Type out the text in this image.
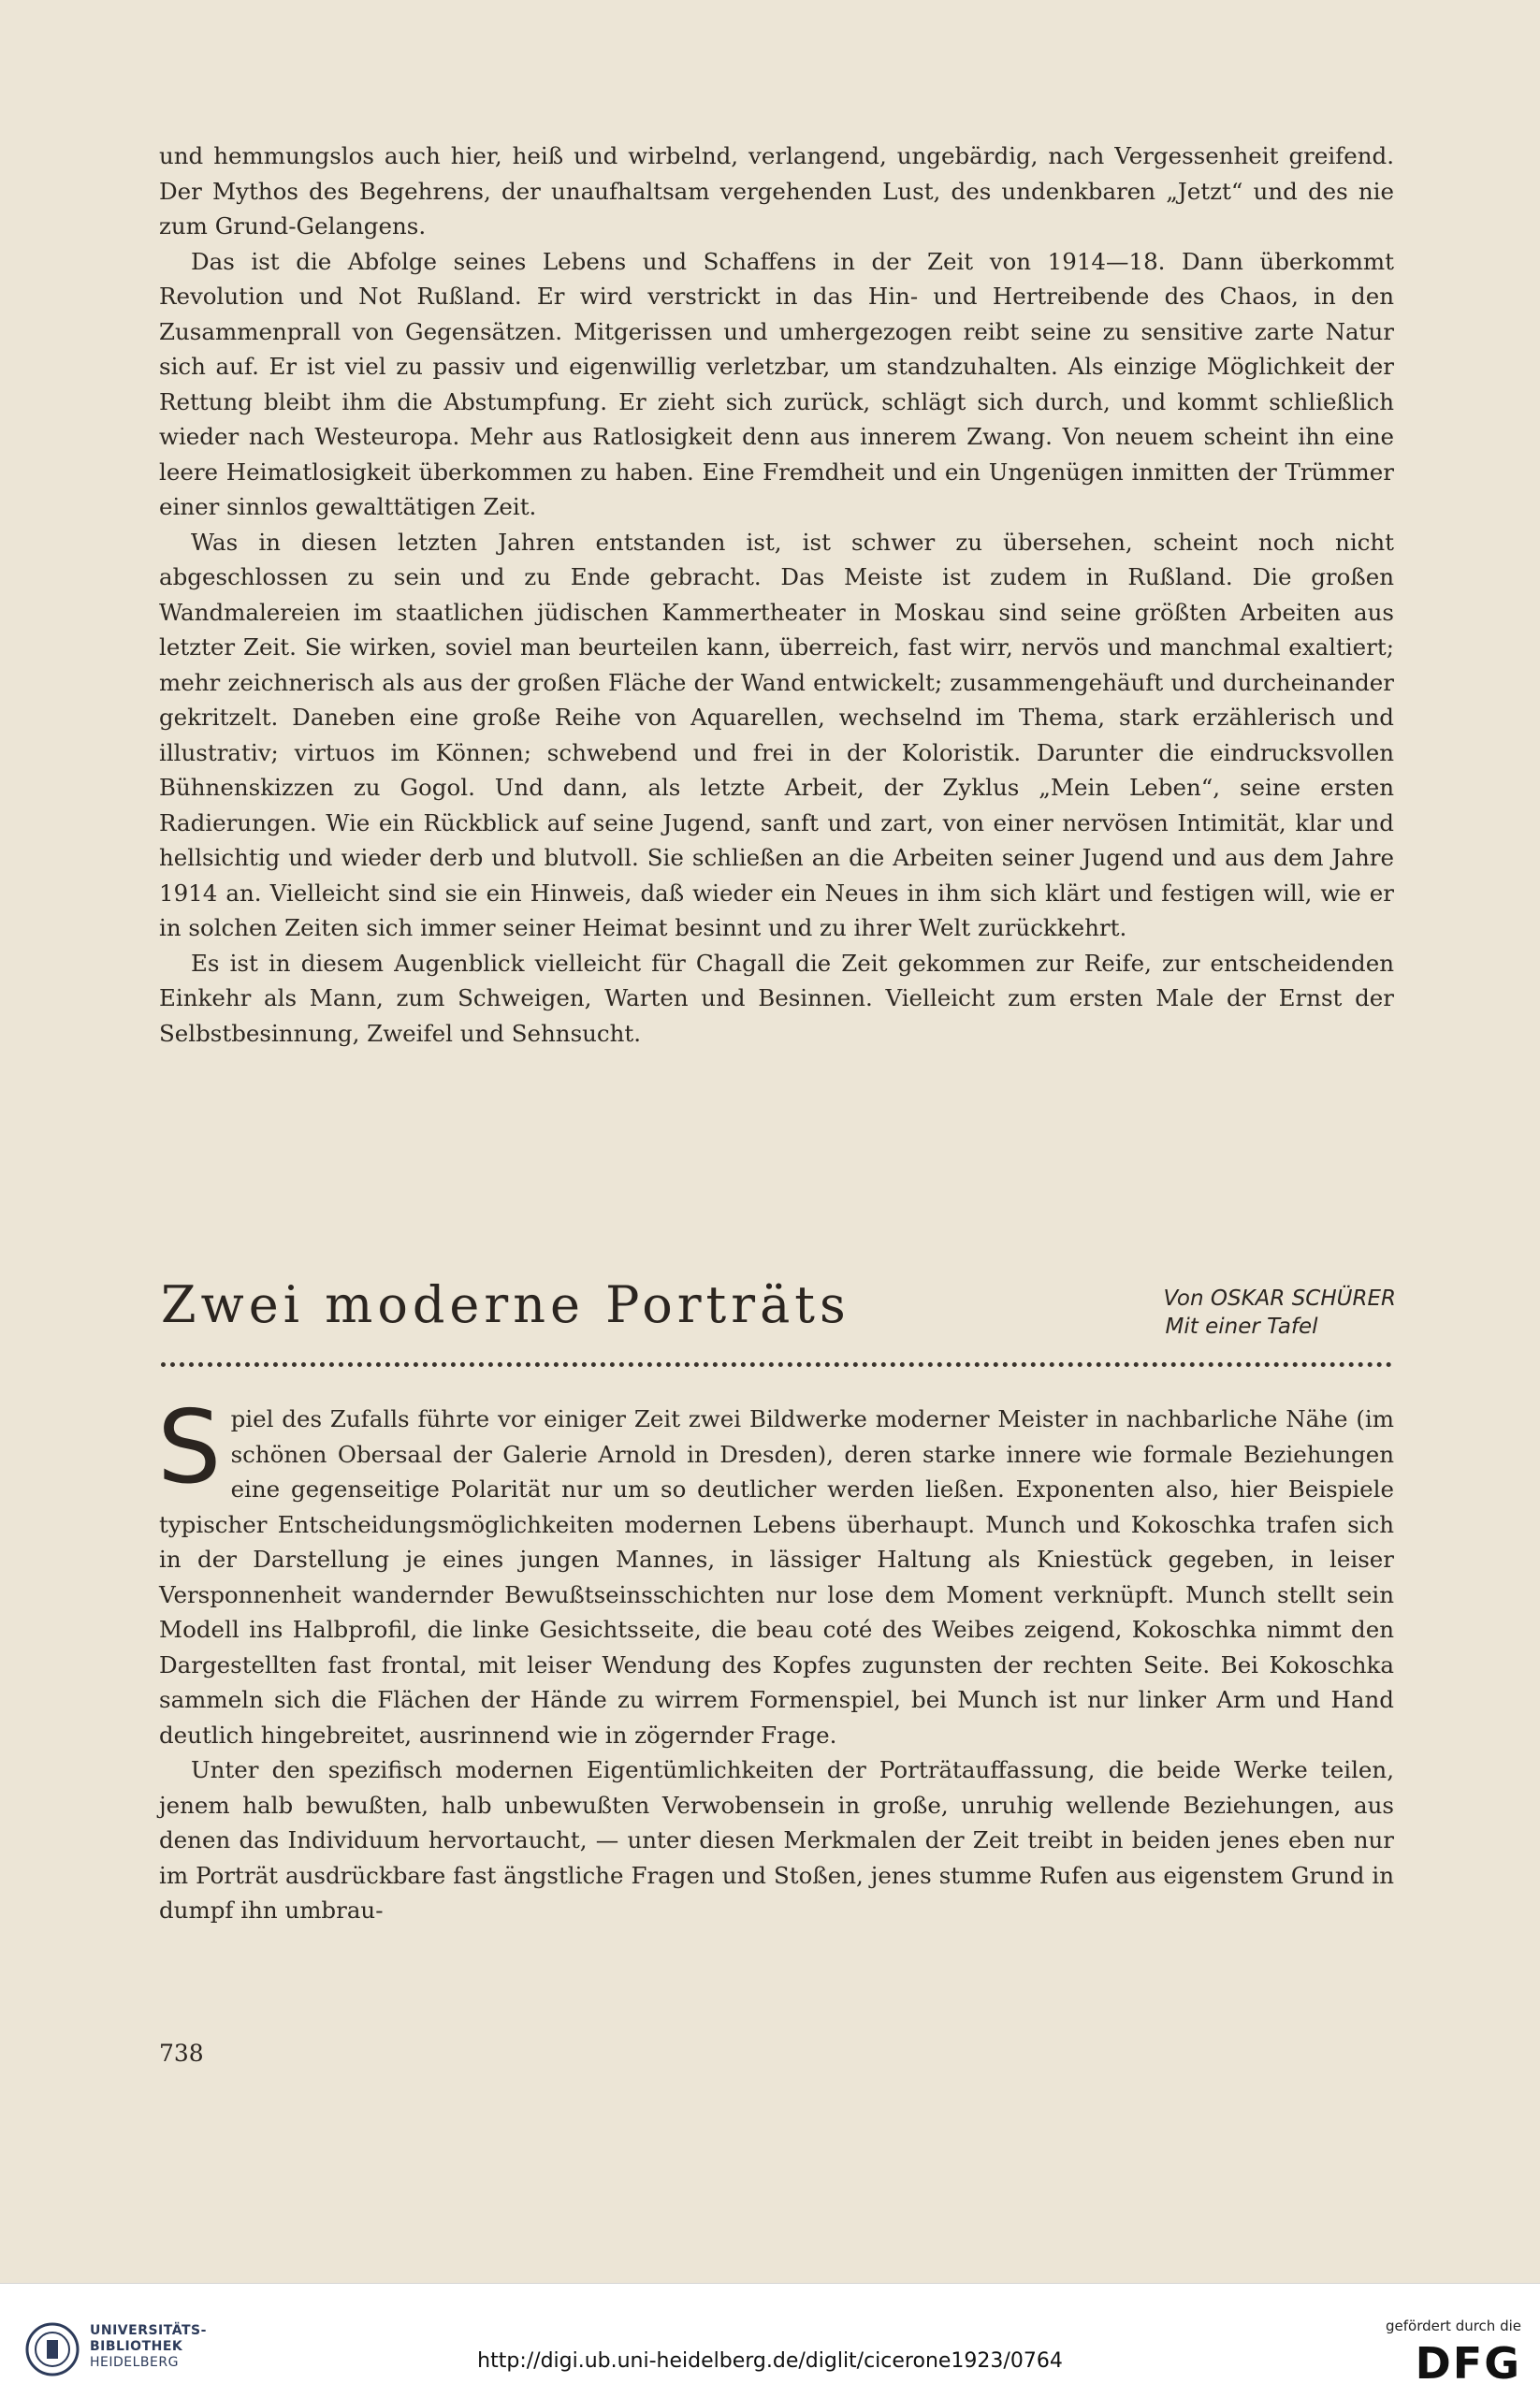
und hemmungslos auch hier, heiß und wirbelnd, verlangend, ungebärdig, nach Vergessenheit greifend. Der Mythos des Begehrens, der unaufhaltsam vergehenden Lust, des undenkbaren „Jetzt“ und des nie zum Grund-Gelangens.

Das ist die Abfolge seines Lebens und Schaffens in der Zeit von 1914—18. Dann überkommt Revolution und Not Rußland. Er wird verstrickt in das Hin- und Hertreibende des Chaos, in den Zusammenprall von Gegensätzen. Mitgerissen und umhergezogen reibt seine zu sensitive zarte Natur sich auf. Er ist viel zu passiv und eigenwillig verletzbar, um standzuhalten. Als einzige Möglichkeit der Rettung bleibt ihm die Abstumpfung. Er zieht sich zurück, schlägt sich durch, und kommt schließlich wieder nach Westeuropa. Mehr aus Ratlosigkeit denn aus innerem Zwang. Von neuem scheint ihn eine leere Heimatlosigkeit überkommen zu haben. Eine Fremdheit und ein Ungenügen inmitten der Trümmer einer sinnlos gewalttätigen Zeit.

Was in diesen letzten Jahren entstanden ist, ist schwer zu übersehen, scheint noch nicht abgeschlossen zu sein und zu Ende gebracht. Das Meiste ist zudem in Rußland. Die großen Wandmalereien im staatlichen jüdischen Kammertheater in Moskau sind seine größten Arbeiten aus letzter Zeit. Sie wirken, soviel man beurteilen kann, überreich, fast wirr, nervös und manchmal exaltiert; mehr zeichnerisch als aus der großen Fläche der Wand entwickelt; zusammengehäuft und durcheinander gekritzelt. Daneben eine große Reihe von Aquarellen, wechselnd im Thema, stark erzählerisch und illustrativ; virtuos im Können; schwebend und frei in der Koloristik. Darunter die eindrucksvollen Bühnenskizzen zu Gogol. Und dann, als letzte Arbeit, der Zyklus „Mein Leben“, seine ersten Radierungen. Wie ein Rückblick auf seine Jugend, sanft und zart, von einer nervösen Intimität, klar und hellsichtig und wieder derb und blutvoll. Sie schließen an die Arbeiten seiner Jugend und aus dem Jahre 1914 an. Vielleicht sind sie ein Hinweis, daß wieder ein Neues in ihm sich klärt und festigen will, wie er in solchen Zeiten sich immer seiner Heimat besinnt und zu ihrer Welt zurückkehrt.

Es ist in diesem Augenblick vielleicht für Chagall die Zeit gekommen zur Reife, zur entscheidenden Einkehr als Mann, zum Schweigen, Warten und Besinnen. Vielleicht zum ersten Male der Ernst der Selbstbesinnung, Zweifel und Sehnsucht.

Zwei moderne Porträts	Von OSKAR SCHÜRER
Mit einer Tafel

Spiel des Zufalls führte vor einiger Zeit zwei Bildwerke moderner Meister in nachbarliche Nähe (im schönen Obersaal der Galerie Arnold in Dresden), deren starke innere wie formale Beziehungen eine gegenseitige Polarität nur um so deutlicher werden ließen. Exponenten also, hier Beispiele typischer Entscheidungsmöglichkeiten modernen Lebens überhaupt. Munch und Kokoschka trafen sich in der Darstellung je eines jungen Mannes, in lässiger Haltung als Kniestück gegeben, in leiser Versponnenheit wandernder Bewußtseinsschichten nur lose dem Moment verknüpft. Munch stellt sein Modell ins Halbprofil, die linke Gesichtsseite, die beau coté des Weibes zeigend, Kokoschka nimmt den Dargestellten fast frontal, mit leiser Wendung des Kopfes zugunsten der rechten Seite. Bei Kokoschka sammeln sich die Flächen der Hände zu wirrem Formenspiel, bei Munch ist nur linker Arm und Hand deutlich hingebreitet, ausrinnend wie in zögernder Frage.

Unter den spezifisch modernen Eigentümlichkeiten der Porträtauffassung, die beide Werke teilen, jenem halb bewußten, halb unbewußten Verwobensein in große, unruhig wellende Beziehungen, aus denen das Individuum hervortaucht, — unter diesen Merkmalen der Zeit treibt in beiden jenes eben nur im Porträt ausdrückbare fast ängstliche Fragen und Stoßen, jenes stumme Rufen aus eigenstem Grund in dumpf ihn umbrau-

738
UNIVERSITÄTS-
BIBLIOTHEK
HEIDELBERG	http://digi.ub.uni-heidelberg.de/diglit/cicerone1923/0764
gefördert durch die
DFG
